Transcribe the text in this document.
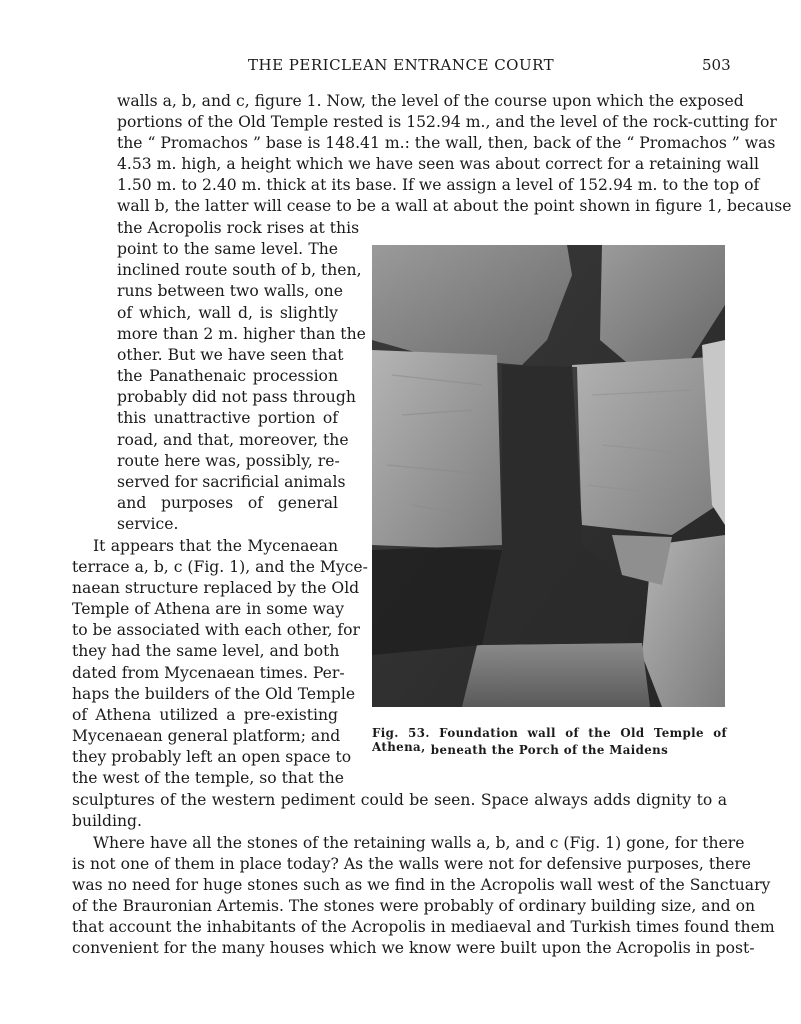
THE PERICLEAN ENTRANCE COURT	503
walls a, b, and c, figure 1. Now, the level of the course upon which the exposed
portions of the Old Temple rested is 152.94 m., and the level of the rock-cutting for
the “ Promachos ” base is 148.41 m.: the wall, then, back of the “ Promachos ” was
4.53 m. high, a height which we have seen was about correct for a retaining wall
1.50 m. to 2.40 m. thick at its base. If we assign a level of 152.94 m. to the top of
wall b, the latter will cease to be a wall at about the point shown in figure 1, because
the Acropolis rock rises at this
point to the same level. The
inclined route south of b, then,
runs between two walls, one
of which, wall d, is slightly
more than 2 m. higher than the
other. But we have seen that
the Panathenaic procession
probably did not pass through
this unattractive portion of
road, and that, moreover, the
route here was, possibly, re-
served for sacrificial animals
and purposes of general
service.
It appears that the Mycenaean
terrace a, b, c (Fig. 1), and the Myce-
naean structure replaced by the Old
Temple of Athena are in some way
to be associated with each other, for
they had the same level, and both
dated from Mycenaean times. Per-
haps the builders of the Old Temple
of Athena utilized a pre-existing
Mycenaean general platform; and
they probably left an open space to
the west of the temple, so that the
sculptures of the western pediment could be seen. Space always adds dignity to a
building.
Where have all the stones of the retaining walls a, b, and c (Fig. 1) gone, for there
is not one of them in place today? As the walls were not for defensive purposes, there
was no need for huge stones such as we find in the Acropolis wall west of the Sanctuary
of the Brauronian Artemis. The stones were probably of ordinary building size, and on
that account the inhabitants of the Acropolis in mediaeval and Turkish times found them
convenient for the many houses which we know were built upon the Acropolis in post-
Fig. 53. Foundation wall of the Old Temple of Athena, beneath the Porch of the Maidens
